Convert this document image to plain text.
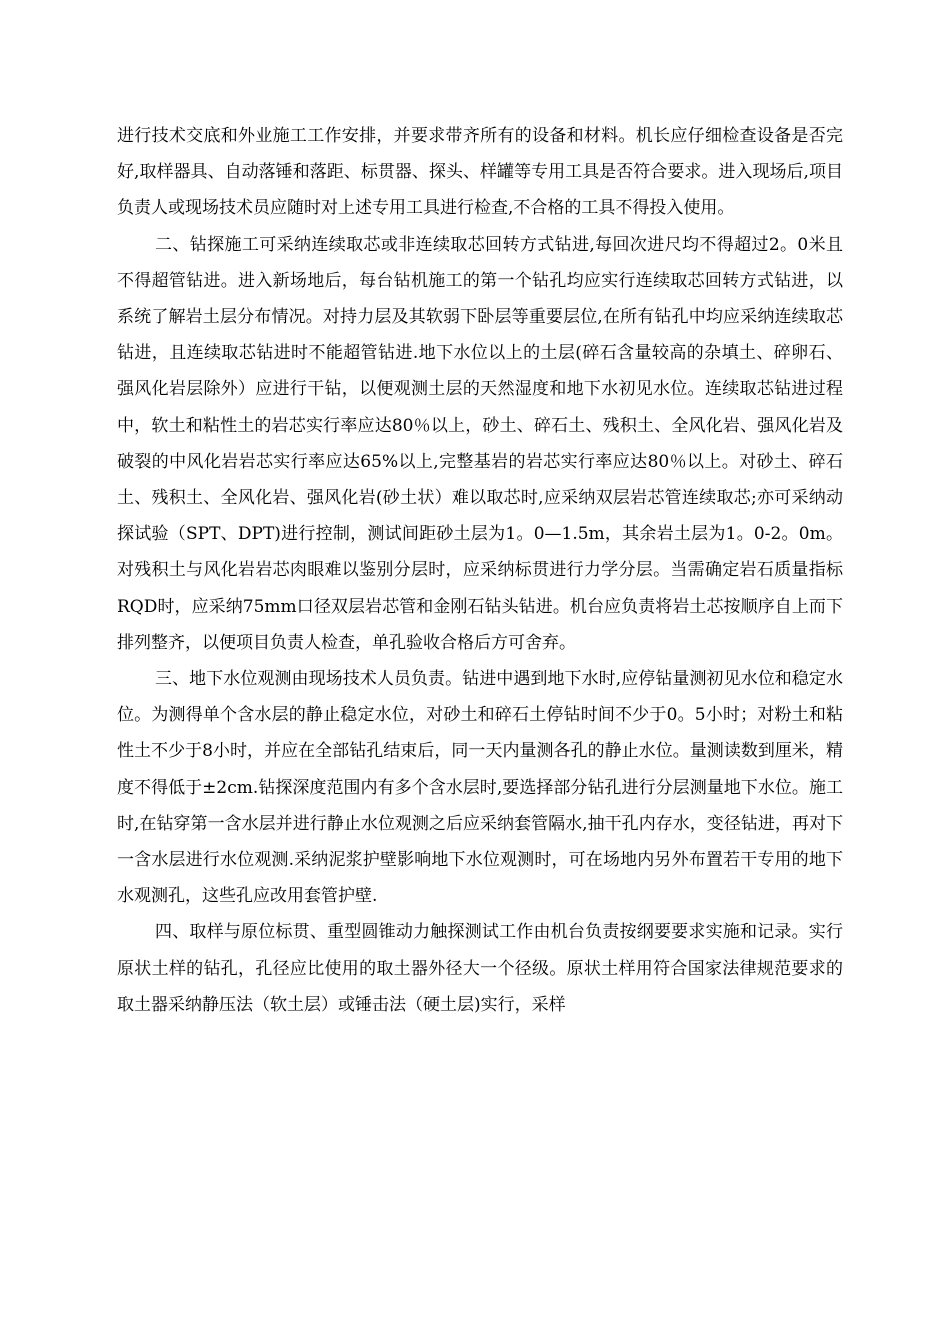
进行技术交底和外业施工工作安排，并要求带齐所有的设备和材料。机长应仔细检查设备是否完好,取样器具、自动落锤和落距、标贯器、探头、样罐等专用工具是否符合要求。进入现场后,项目负责人或现场技术员应随时对上述专用工具进行检查,不合格的工具不得投入使用。

二、钻探施工可采纳连续取芯或非连续取芯回转方式钻进,每回次进尺均不得超过2。0米且不得超管钻进。进入新场地后，每台钻机施工的第一个钻孔均应实行连续取芯回转方式钻进，以系统了解岩土层分布情况。对持力层及其软弱下卧层等重要层位,在所有钻孔中均应采纳连续取芯钻进，且连续取芯钻进时不能超管钻进.地下水位以上的土层(碎石含量较高的杂填土、碎卵石、强风化岩层除外）应进行干钻，以便观测土层的天然湿度和地下水初见水位。连续取芯钻进过程中，软土和粘性土的岩芯实行率应达80％以上，砂土、碎石土、残积土、全风化岩、强风化岩及破裂的中风化岩岩芯实行率应达65%以上,完整基岩的岩芯实行率应达80％以上。对砂土、碎石土、残积土、全风化岩、强风化岩(砂土状）难以取芯时,应采纳双层岩芯管连续取芯;亦可采纳动探试验（SPT、DPT)进行控制，测试间距砂土层为1。0—1.5m，其余岩土层为1。0-2。0m。对残积土与风化岩岩芯肉眼难以鉴别分层时，应采纳标贯进行力学分层。当需确定岩石质量指标RQD时，应采纳75mm口径双层岩芯管和金刚石钻头钻进。机台应负责将岩土芯按顺序自上而下排列整齐，以便项目负责人检查，单孔验收合格后方可舍弃。

三、地下水位观测由现场技术人员负责。钻进中遇到地下水时,应停钻量测初见水位和稳定水位。为测得单个含水层的静止稳定水位，对砂土和碎石土停钻时间不少于0。5小时；对粉土和粘性土不少于8小时，并应在全部钻孔结束后，同一天内量测各孔的静止水位。量测读数到厘米，精度不得低于±2cm.钻探深度范围内有多个含水层时,要选择部分钻孔进行分层测量地下水位。施工时,在钻穿第一含水层并进行静止水位观测之后应采纳套管隔水,抽干孔内存水，变径钻进，再对下一含水层进行水位观测.采纳泥浆护壁影响地下水位观测时，可在场地内另外布置若干专用的地下水观测孔，这些孔应改用套管护壁.

四、取样与原位标贯、重型圆锥动力触探测试工作由机台负责按纲要要求实施和记录。实行原状土样的钻孔，孔径应比使用的取土器外径大一个径级。原状土样用符合国家法律规范要求的取土器采纳静压法（软土层）或锤击法（硬土层)实行，采样
